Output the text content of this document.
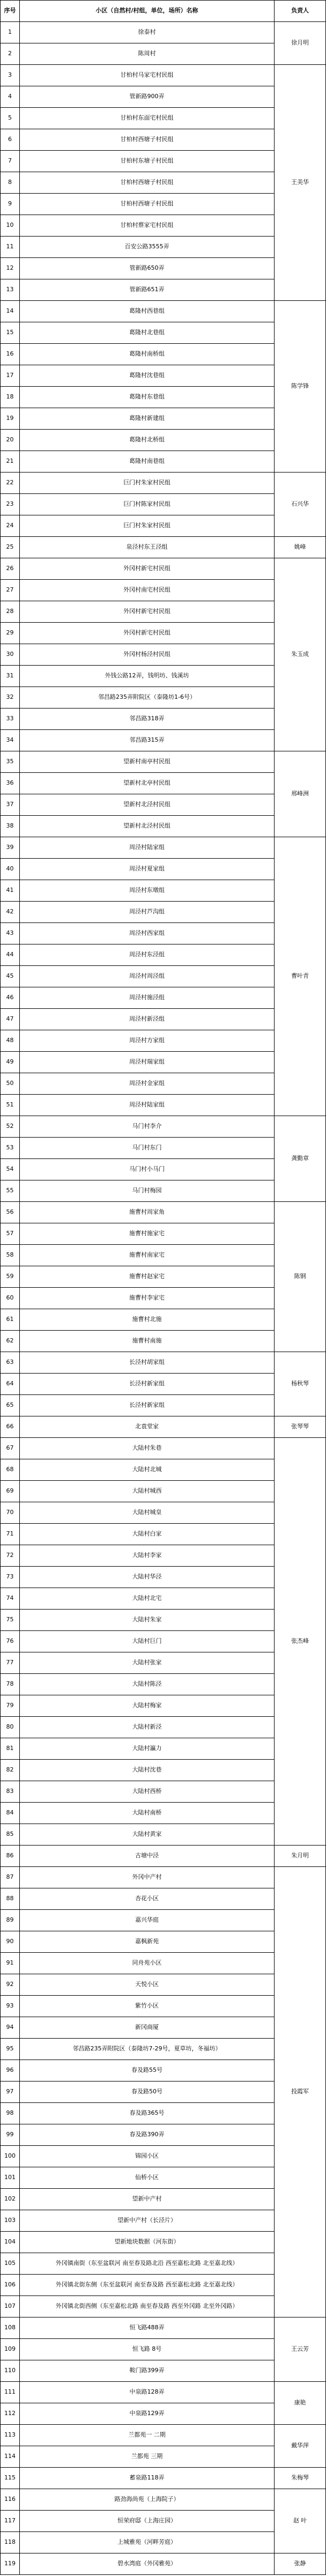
序号	小区（自然村/村组，单位，场所）名称	负责人
1	徐泰村	徐月明
2	陈周村	
3	甘柏村马家宅村民组	王美华
4	管新路900弄	
5	甘柏村东面宅村民组	
6	甘柏村西塘子村民组	
7	甘柏村东塘子村民组	
8	甘柏村西塘子村民组	
9	甘柏村西塘子村民组	
10	甘柏村蔡家宅村民组	
11	百安公路3555弄	
12	管新路650弄	
13	管新路651弄	
14	葛隆村西巷组	陈学锋
15	葛隆村北巷组	
16	葛隆村南桥组	
17	葛隆村沈巷组	
18	葛隆村东巷组	
19	葛隆村新建组	
20	葛隆村北桥组	
21	葛隆村南巷组	
22	巨门村朱家村民组	石兴华
23	巨门村陈家村民组	
24	巨门村朱家村民组	
25	泉泾村东王泾组	姚峰
26	外冈村新宅村民组	朱玉成
27	外冈村南宅村民组	
28	外冈村新宅村民组	
29	外冈村新宅村民组	
30	外冈村杨泾村民组	
31	外钱公路12弄，钱明坊、钱溪坊	
32	邻昌路235弄附院区（泰隆坊1-6号）	
33	邻昌路318弄	
34	邻昌路315弄	
35	望新村南亭村民组	邢峰洲
36	望新村北亭村民组	
37	望新村北泾村民组	
38	望新村北泾村民组	
39	周泾村陆家组	曹叶青
40	周泾村夏家组	
41	周泾村东墩组	
42	周泾村芦沟组	
43	周泾村西家组	
44	周泾村东泾组	
45	周泾村周泾组	
46	周泾村施泾组	
47	周泾村新泾组	
48	周泾村方家组	
49	周泾村瑞家组	
50	周泾村金家组	
51	周泾村陆家组	
52	马门村李介	龚勤章
53	马门村东门	
54	马门村小马门	
55	马门村梅园	
56	施曹村周家角	陈钢
57	施曹村施家宅	
58	施曹村南家宅	
59	施曹村赵家宅	
60	施曹村李家宅	
61	施曹村北施	
62	施曹村南施	
63	长泾村胡家组	杨秋琴
64	长泾村新家组	
65	长泾村新家组	
66	北袁堂家	张琴琴
67	大陆村朱巷	张杰峰
68	大陆村北城	
69	大陆村城西	
70	大陆村城皇	
71	大陆村白家	
72	大陆村李家	
73	大陆村华泾	
74	大陆村北宅	
75	大陆村朱家	
76	大陆村巨门	
77	大陆村张家	
78	大陆村陈泾	
79	大陆村梅家	
80	大陆村新泾	
81	大陆村瀛力	
82	大陆村沈巷	
83	大陆村西桥	
84	大陆村南桥	
85	大陆村黄家	
86	古塘中泾	朱月明
87	外冈中产村	投霞军
88	杏花小区	
89	嘉兴华庭	
90	嘉枫新苑	
91	同舟苑小区	
92	天悦小区	
93	紫竹小区	
94	新冈商厦	
95	邻昌路235弄附院区（泰隆坊7-29号，夏草坊，冬福坊）	
96	春及路55号	
97	春及路50号	
98	春及路365号	
99	春及路390弄	
100	锦园小区	
101	仙桥小区	
102	望新中产村	
103	望新中产村（长泾片）	
104	望新地块数据（河东街）	
105	外冈镇南街（东至盆联河 南至春及路北沿 西至嘉松北路 北至嘉北线）	
106	外冈镇北街东侧（东至盆联河 南至春及路 西至嘉松北路 北至嘉北线）	
107	外冈镇北街西侧（东至嘉松北路 南至春及路 西至外冈路 北至外冈路）	
108	恒飞路488弄	王云芳
109	恒飞路 8号	
110	鞍门路399弄	
111	中泉路128弄	康艳
112	中泉路129弄	
113	兰都苑一 二期	戴华萍
114	兰都苑 三期	
115	蓄泉路118弄	朱梅琴
116	路劲海尚苑（上海院子）	赵 叶
117	恒荣府邸（上海庄园）	
118	上城雅苑（河畔芳庭）	
119	碧水湾庭（外冈雅苑）	张静
